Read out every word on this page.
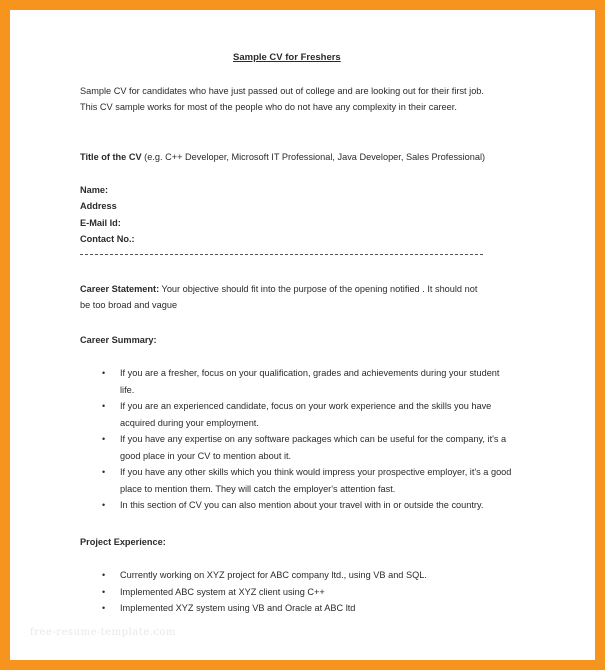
Sample CV for Freshers
Sample CV for candidates who have just passed out of college and are looking out for their first job.
This CV sample works for most of the people who do not have any complexity in their career.
Title of the CV (e.g. C++ Developer, Microsoft IT Professional, Java Developer, Sales Professional)
Name:
Address
E-Mail Id:
Contact No.:
Career Statement: Your objective should fit into the purpose of the opening notified . It should not
be too broad and vague
Career Summary:
• If you are a fresher, focus on your qualification, grades and achievements during your student life.
• If you are an experienced candidate, focus on your work experience and the skills you have acquired during your employment.
• If you have any expertise on any software packages which can be useful for the company, it's a good place in your CV to mention about it.
• If you have any other skills which you think would impress your prospective employer, it's a good place to mention them. They will catch the employer's attention fast.
• In this section of CV you can also mention about your travel with in or outside the country.
Project Experience:
• Currently working on XYZ project for ABC company ltd., using VB and SQL.
• Implemented ABC system at XYZ client using C++
• Implemented XYZ system using VB and Oracle at ABC ltd
free-resume-template.com
